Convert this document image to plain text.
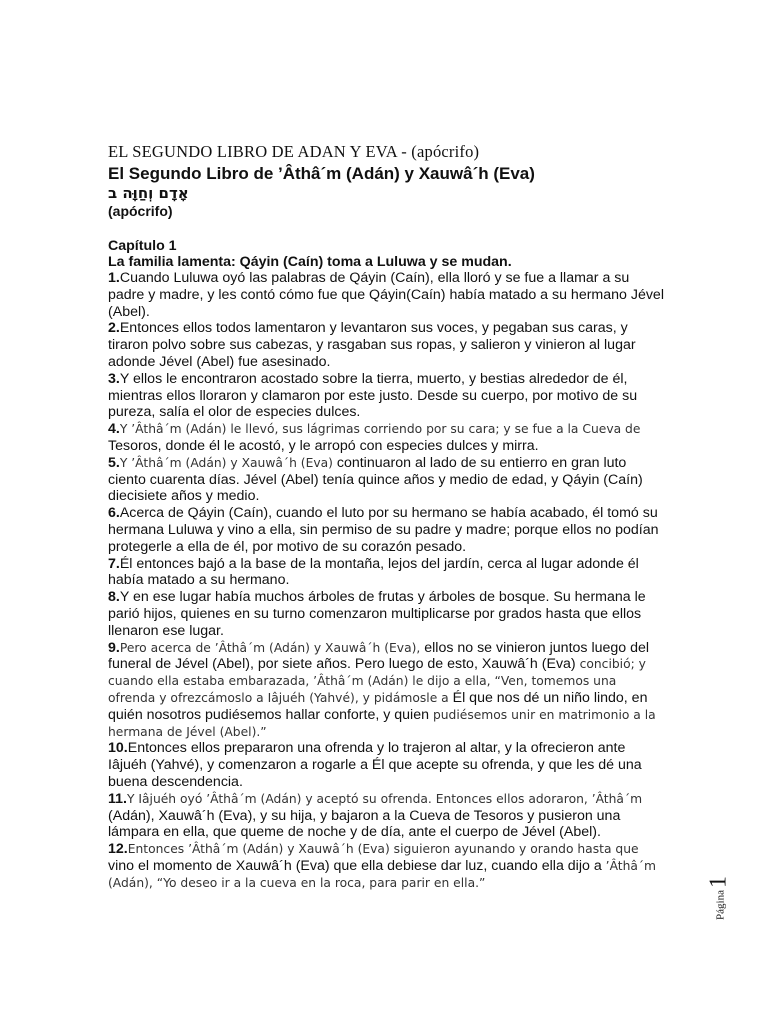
EL SEGUNDO LIBRO DE ADAN Y EVA - (apócrifo)
El Segundo Libro de ’Âthâ´m (Adán) y Xauwâ´h (Eva)
אָדָם וְחַוָּה ב
(apócrifo)
Capítulo 1
La familia lamenta: Qáyin (Caín) toma a Luluwa y se mudan.
1.Cuando Luluwa oyó las palabras de Qáyin (Caín), ella lloró y se fue a llamar a su padre y madre, y les contó cómo fue que Qáyin(Caín) había matado a su hermano Jével (Abel).
2.Entonces ellos todos lamentaron y levantaron sus voces, y pegaban sus caras, y tiraron polvo sobre sus cabezas, y rasgaban sus ropas, y salieron y vinieron al lugar adonde Jével (Abel) fue asesinado.
3.Y ellos le encontraron acostado sobre la tierra, muerto, y bestias alrededor de él, mientras ellos lloraron y clamaron por este justo. Desde su cuerpo, por motivo de su pureza, salía el olor de especies dulces.
4.Y ’Âthâ´m (Adán) le llevó, sus lágrimas corriendo por su cara; y se fue a la Cueva de Tesoros, donde él le acostó, y le arropó con especies dulces y mirra.
5.Y ’Âthâ´m (Adán) y Xauwâ´h (Eva) continuaron al lado de su entierro en gran luto ciento cuarenta días. Jével (Abel) tenía quince años y medio de edad, y Qáyin (Caín) diecisiete años y medio.
6.Acerca de Qáyin (Caín), cuando el luto por su hermano se había acabado, él tomó su hermana Luluwa y vino a ella, sin permiso de su padre y madre; porque ellos no podían protegerle a ella de él, por motivo de su corazón pesado.
7.Él entonces bajó a la base de la montaña, lejos del jardín, cerca al lugar adonde él había matado a su hermano.
8.Y en ese lugar había muchos árboles de frutas y árboles de bosque. Su hermana le parió hijos, quienes en su turno comenzaron multiplicarse por grados hasta que ellos llenaron ese lugar.
9.Pero acerca de ’Âthâ´m (Adán) y Xauwâ´h (Eva), ellos no se vinieron juntos luego del funeral de Jével (Abel), por siete años. Pero luego de esto, Xauwâ´h (Eva) concibió; y cuando ella estaba embarazada, ’Âthâ´m (Adán) le dijo a ella, “Ven, tomemos una ofrenda y ofrezcámoslo a Iâjuéh (Yahvé), y pidámosle a Él que nos dé un niño lindo, en quién nosotros pudiésemos hallar conforte, y quien pudiésemos unir en matrimonio a la hermana de Jével (Abel).”
10.Entonces ellos prepararon una ofrenda y lo trajeron al altar, y la ofrecieron ante Iâjuéh (Yahvé), y comenzaron a rogarle a Él que acepte su ofrenda, y que les dé una buena descendencia.
11.Y Iâjuéh oyó ’Âthâ´m (Adán) y aceptó su ofrenda. Entonces ellos adoraron, ’Âthâ´m (Adán), Xauwâ´h (Eva), y su hija, y bajaron a la Cueva de Tesoros y pusieron una lámpara en ella, que queme de noche y de día, ante el cuerpo de Jével (Abel).
12.Entonces ’Âthâ´m (Adán) y Xauwâ´h (Eva) siguieron ayunando y orando hasta que vino el momento de Xauwâ´h (Eva) que ella debiese dar luz, cuando ella dijo a ’Âthâ´m (Adán), “Yo deseo ir a la cueva en la roca, para parir en ella.”
Página1
